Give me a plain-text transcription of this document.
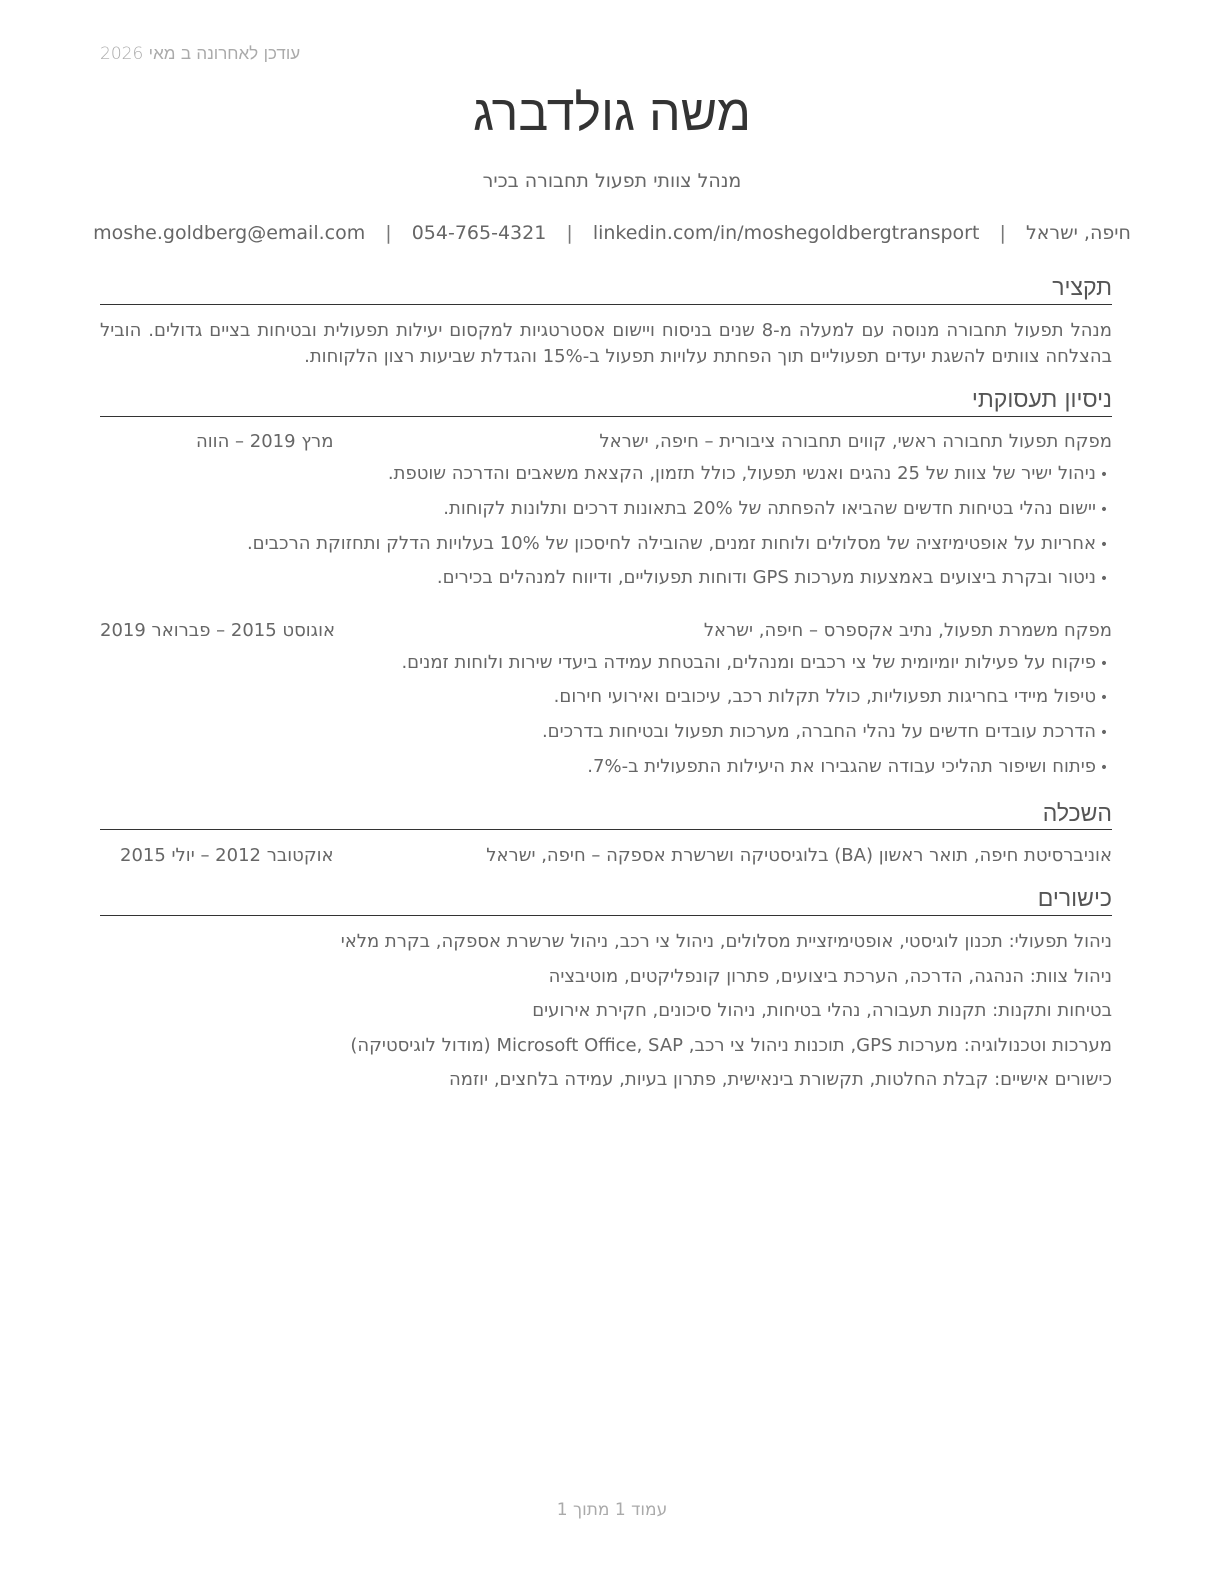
עודכן לאחרונה ב מאי 2026
משה גולדברג
מנהל צוותי תפעול תחבורה בכיר
חיפה, ישראל | moshe.goldberg@email.com | 054-765-4321 | linkedin.com/in/moshegoldbergtransport
תקציר
מנהל תפעול תחבורה מנוסה עם למעלה מ-8 שנים בניסוח ויישום אסטרטגיות למקסום יעילות תפעולית ובטיחות בציים גדולים. הוביל בהצלחה צוותים להשגת יעדים תפעוליים תוך הפחתת עלויות תפעול ב-15% והגדלת שביעות רצון הלקוחות.
ניסיון תעסוקתי
מפקח תפעול תחבורה ראשי, קווים תחבורה ציבורית – חיפה, ישראל
מרץ 2019 – הווה
•ניהול ישיר של צוות של 25 נהגים ואנשי תפעול, כולל תזמון, הקצאת משאבים והדרכה שוטפת.
•יישום נהלי בטיחות חדשים שהביאו להפחתה של 20% בתאונות דרכים ותלונות לקוחות.
•אחריות על אופטימיזציה של מסלולים ולוחות זמנים, שהובילה לחיסכון של 10% בעלויות הדלק ותחזוקת הרכבים.
•ניטור ובקרת ביצועים באמצעות מערכות GPS ודוחות תפעוליים, ודיווח למנהלים בכירים.
מפקח משמרת תפעול, נתיב אקספרס – חיפה, ישראל
אוגוסט 2015 – פברואר 2019
•פיקוח על פעילות יומיומית של צי רכבים ומנהלים, והבטחת עמידה ביעדי שירות ולוחות זמנים.
•טיפול מיידי בחריגות תפעוליות, כולל תקלות רכב, עיכובים ואירועי חירום.
•הדרכת עובדים חדשים על נהלי החברה, מערכות תפעול ובטיחות בדרכים.
•פיתוח ושיפור תהליכי עבודה שהגבירו את היעילות התפעולית ב-7%.
השכלה
אוניברסיטת חיפה, תואר ראשון (BA) בלוגיסטיקה ושרשרת אספקה – חיפה, ישראל
אוקטובר 2012 – יולי 2015
כישורים
ניהול תפעולי: תכנון לוגיסטי, אופטימיזציית מסלולים, ניהול צי רכב, ניהול שרשרת אספקה, בקרת מלאי
ניהול צוות: הנהגה, הדרכה, הערכת ביצועים, פתרון קונפליקטים, מוטיבציה
בטיחות ותקנות: תקנות תעבורה, נהלי בטיחות, ניהול סיכונים, חקירת אירועים
מערכות וטכנולוגיה: מערכות GPS, תוכנות ניהול צי רכב, Microsoft Office, SAP (מודול לוגיסטיקה)
כישורים אישיים: קבלת החלטות, תקשורת בינאישית, פתרון בעיות, עמידה בלחצים, יוזמה
עמוד 1 מתוך 1
